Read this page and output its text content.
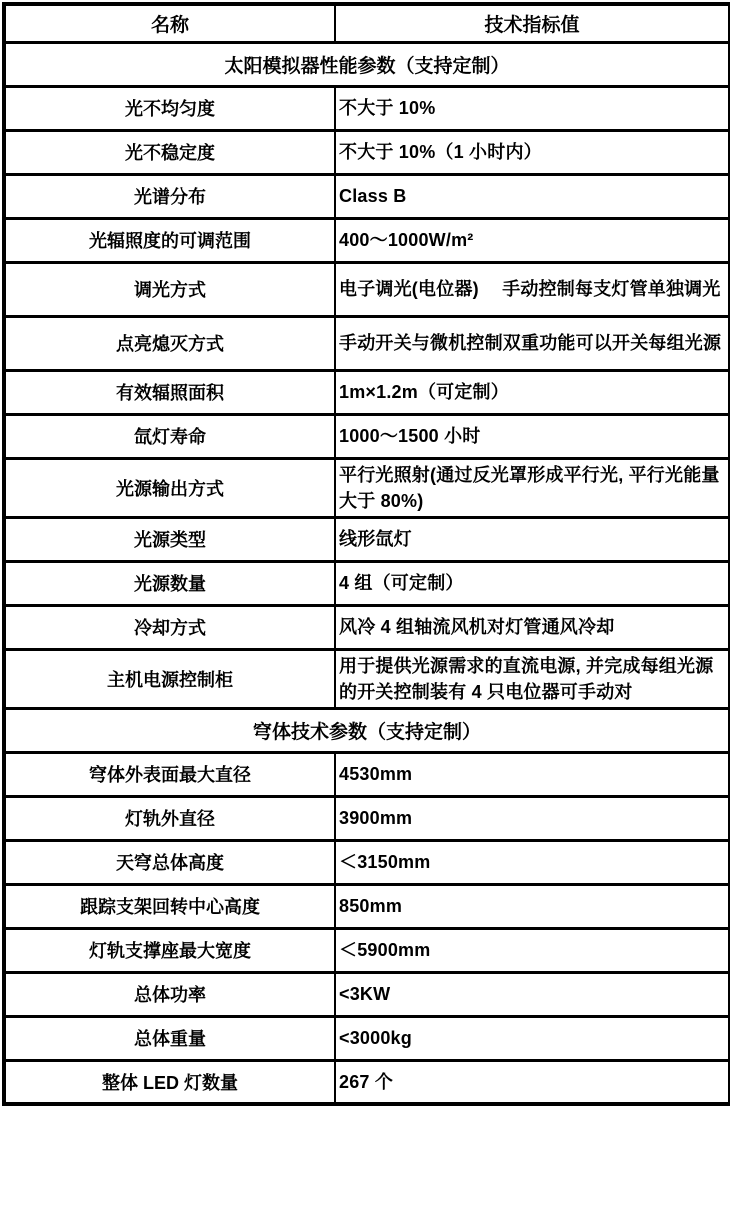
名称	技术指标值
太阳模拟器性能参数（支持定制）	
光不均匀度	不大于 10%
光不稳定度	不大于 10%（1 小时内）
光谱分布	Class B
光辐照度的可调范围	400～1000W/m²
调光方式	电子调光(电位器)　 手动控制每支灯管单独调光
点亮熄灭方式	手动开关与微机控制双重功能可以开关每组光源
有效辐照面积	1m×1.2m（可定制）
氙灯寿命	1000～1500 小时
光源输出方式	平行光照射(通过反光罩形成平行光, 平行光能量大于 80%)
光源类型	线形氙灯
光源数量	4 组（可定制）
冷却方式	风冷 4 组轴流风机对灯管通风冷却
主机电源控制柜	用于提供光源需求的直流电源, 并完成每组光源的开关控制装有 4 只电位器可手动对
穹体技术参数（支持定制）	
穹体外表面最大直径	4530mm
灯轨外直径	3900mm
天穹总体高度	＜3150mm
跟踪支架回转中心高度	850mm
灯轨支撑座最大宽度	＜5900mm
总体功率	<3KW
总体重量	<3000kg
整体 LED 灯数量	267 个
